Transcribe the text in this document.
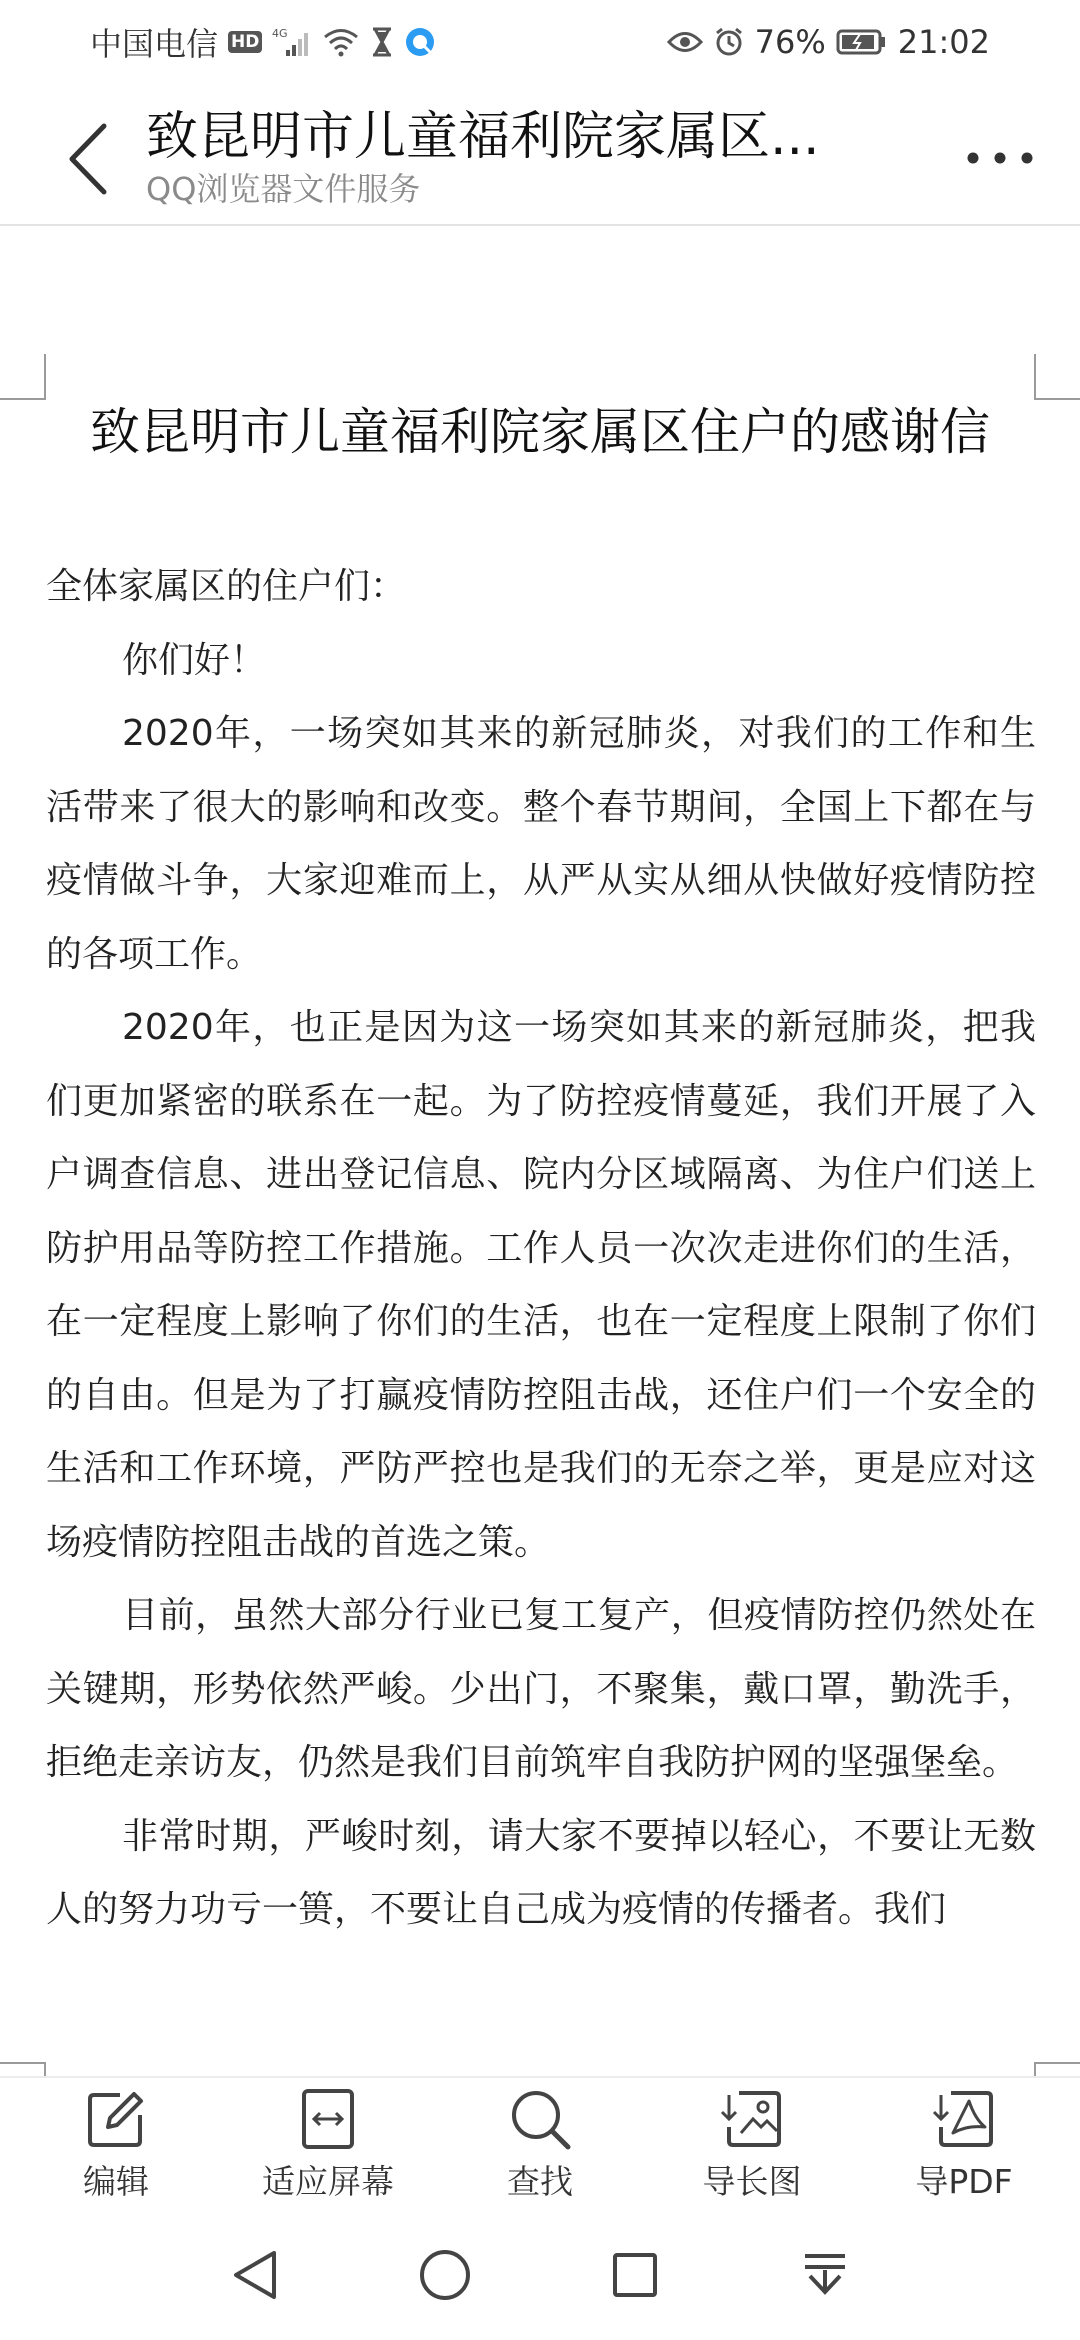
中国电信 HD 4G	76% 21:02
致昆明市儿童福利院家属区...
QQ浏览器文件服务
致昆明市儿童福利院家属区住户的感谢信

全体家属区的住户们：

你们好！

2020年，一场突如其来的新冠肺炎，对我们的工作和生活带来了很大的影响和改变。整个春节期间，全国上下都在与疫情做斗争，大家迎难而上，从严从实从细从快做好疫情防控的各项工作。

2020年，也正是因为这一场突如其来的新冠肺炎，把我们更加紧密的联系在一起。为了防控疫情蔓延，我们开展了入户调查信息、进出登记信息、院内分区域隔离、为住户们送上防护用品等防控工作措施。工作人员一次次走进你们的生活，在一定程度上影响了你们的生活，也在一定程度上限制了你们的自由。但是为了打赢疫情防控阻击战，还住户们一个安全的生活和工作环境，严防严控也是我们的无奈之举，更是应对这场疫情防控阻击战的首选之策。

目前，虽然大部分行业已复工复产，但疫情防控仍然处在关键期，形势依然严峻。少出门，不聚集，戴口罩，勤洗手，拒绝走亲访友，仍然是我们目前筑牢自我防护网的坚强堡垒。

非常时期，严峻时刻，请大家不要掉以轻心，不要让无数人的努力功亏一篑，不要让自己成为疫情的传播者。我们

编辑	适应屏幕	查找	导长图	导PDF
